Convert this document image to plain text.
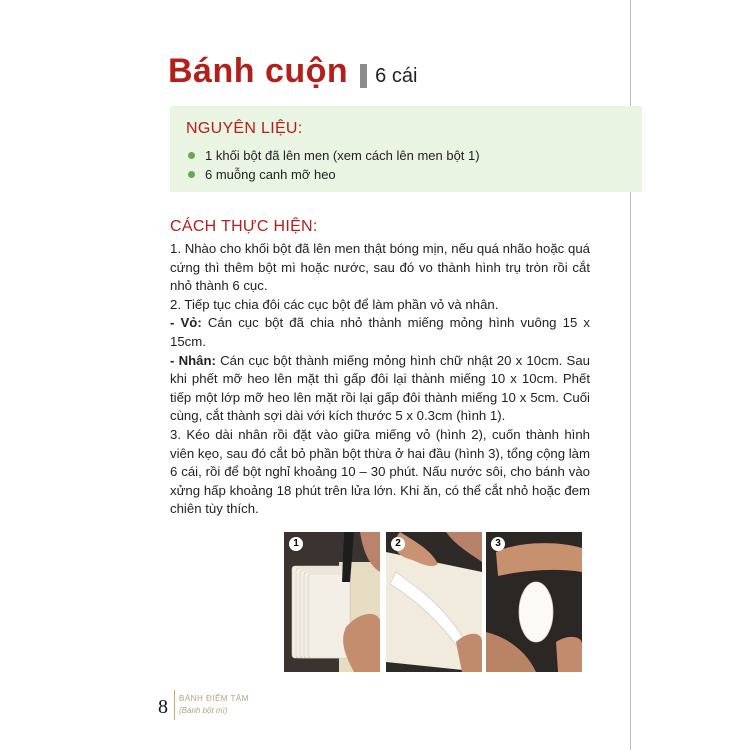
Bánh cuộn 6 cái
NGUYÊN LIỆU:
1 khối bột đã lên men (xem cách lên men bột 1)
6 muỗng canh mỡ heo
CÁCH THỰC HIỆN:

1. Nhào cho khối bột đã lên men thật bóng mịn, nếu quá nhão hoặc quá cứng thì thêm bột mì hoặc nước, sau đó vo thành hình trụ tròn rồi cắt nhỏ thành 6 cục.

2. Tiếp tục chia đôi các cục bột để làm phần vỏ và nhân.

- Vỏ: Cán cục bột đã chia nhỏ thành miếng mỏng hình vuông 15 x 15cm.

- Nhân: Cán cục bột thành miếng mỏng hình chữ nhật 20 x 10cm. Sau khi phết mỡ heo lên mặt thì gấp đôi lại thành miếng 10 x 10cm. Phết tiếp một lớp mỡ heo lên mặt rồi lại gấp đôi thành miếng 10 x 5cm. Cuối cùng, cắt thành sợi dài với kích thước 5 x 0.3cm (hình 1).

3. Kéo dài nhân rồi đặt vào giữa miếng vỏ (hình 2), cuốn thành hình viên kẹo, sau đó cắt bỏ phần bột thừa ở hai đầu (hình 3), tổng cộng làm 6 cái, rồi để bột nghỉ khoảng 10 – 30 phút. Nấu nước sôi, cho bánh vào xửng hấp khoảng 18 phút trên lửa lớn. Khi ăn, có thể cắt nhỏ hoặc đem chiên tùy thích.

1	2	3
8 BÁNH ĐIỂM TÂM
(Bánh bột mì)
